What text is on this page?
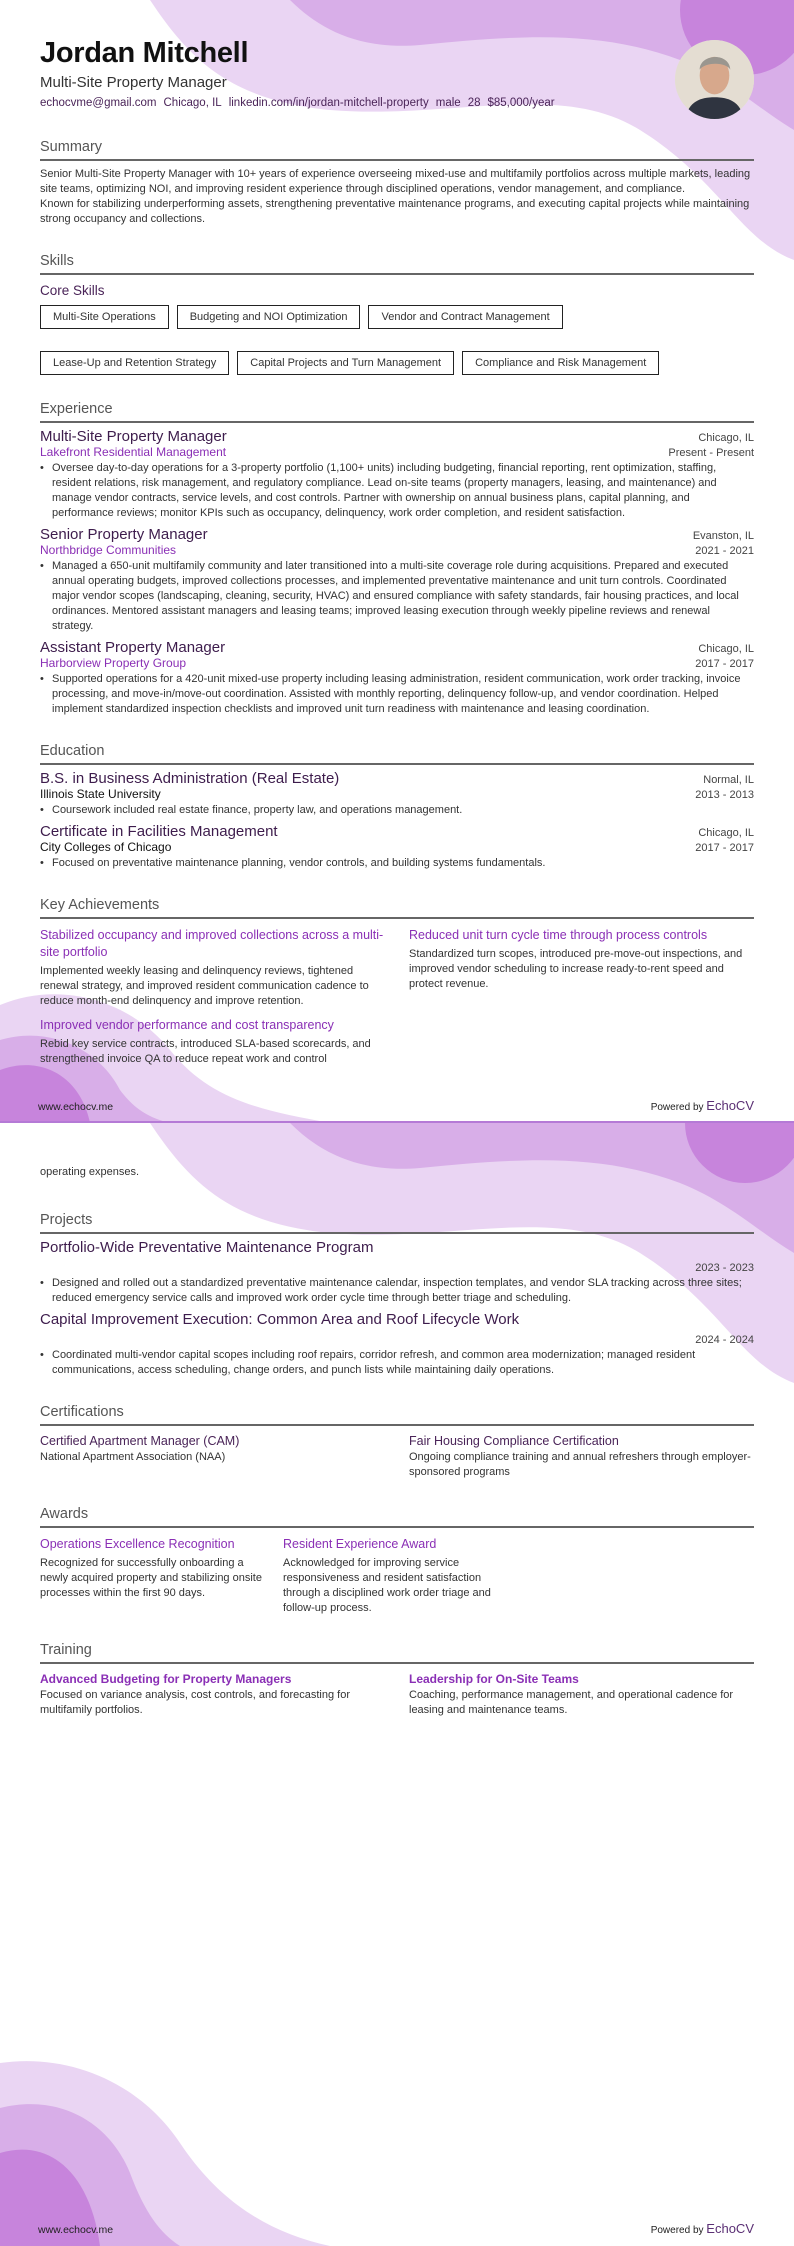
Jordan Mitchell
Multi-Site Property Manager
echocvme@gmail.com Chicago, IL linkedin.com/in/jordan-mitchell-property male 28 $85,000/year
Summary

Senior Multi-Site Property Manager with 10+ years of experience overseeing mixed-use and multifamily portfolios across multiple markets, leading site teams, optimizing NOI, and improving resident experience through disciplined operations, vendor management, and compliance.

Known for stabilizing underperforming assets, strengthening preventative maintenance programs, and executing capital projects while maintaining strong occupancy and collections.

Skills
Core Skills
Multi-Site Operations	Budgeting and NOI Optimization	Vendor and Contract Management
Lease-Up and Retention Strategy	Capital Projects and Turn Management	Compliance and Risk Management
Experience
Multi-Site Property Manager	Chicago, IL
Lakefront Residential Management	Present - Present
• Oversee day-to-day operations for a 3-property portfolio (1,100+ units) including budgeting, financial reporting, rent optimization, staffing, resident relations, risk management, and regulatory compliance. Lead on-site teams (property managers, leasing, and maintenance) and manage vendor contracts, service levels, and cost controls. Partner with ownership on annual business plans, capital planning, and performance reviews; monitor KPIs such as occupancy, delinquency, work order completion, and resident satisfaction.
Senior Property Manager	Evanston, IL
Northbridge Communities	2021 - 2021
• Managed a 650-unit multifamily community and later transitioned into a multi-site coverage role during acquisitions. Prepared and executed annual operating budgets, improved collections processes, and implemented preventative maintenance and unit turn controls. Coordinated major vendor scopes (landscaping, cleaning, security, HVAC) and ensured compliance with safety standards, fair housing practices, and local ordinances. Mentored assistant managers and leasing teams; improved leasing execution through weekly pipeline reviews and renewal strategy.
Assistant Property Manager	Chicago, IL
Harborview Property Group	2017 - 2017
• Supported operations for a 420-unit mixed-use property including leasing administration, resident communication, work order tracking, invoice processing, and move-in/move-out coordination. Assisted with monthly reporting, delinquency follow-up, and vendor coordination. Helped implement standardized inspection checklists and improved unit turn readiness with maintenance and leasing coordination.
Education
B.S. in Business Administration (Real Estate)	Normal, IL
Illinois State University	2013 - 2013
• Coursework included real estate finance, property law, and operations management.
Certificate in Facilities Management	Chicago, IL
City Colleges of Chicago	2017 - 2017
• Focused on preventative maintenance planning, vendor controls, and building systems fundamentals.
Key Achievements
Stabilized occupancy and improved collections across a multi-site portfolio
Implemented weekly leasing and delinquency reviews, tightened renewal strategy, and improved resident communication cadence to reduce month-end delinquency and improve retention.
Improved vendor performance and cost transparency
Rebid key service contracts, introduced SLA-based scorecards, and strengthened invoice QA to reduce repeat work and control
Reduced unit turn cycle time through process controls
Standardized turn scopes, introduced pre-move-out inspections, and improved vendor scheduling to increase ready-to-rent speed and protect revenue.
www.echocv.me	Powered by EchoCV
operating expenses.
Projects
Portfolio-Wide Preventative Maintenance Program
2023 - 2023
• Designed and rolled out a standardized preventative maintenance calendar, inspection templates, and vendor SLA tracking across three sites; reduced emergency service calls and improved work order cycle time through better triage and scheduling.
Capital Improvement Execution: Common Area and Roof Lifecycle Work
2024 - 2024
• Coordinated multi-vendor capital scopes including roof repairs, corridor refresh, and common area modernization; managed resident communications, access scheduling, change orders, and punch lists while maintaining daily operations.
Certifications
Certified Apartment Manager (CAM)
National Apartment Association (NAA)
Fair Housing Compliance Certification
Ongoing compliance training and annual refreshers through employer-sponsored programs
Awards
Operations Excellence Recognition
Recognized for successfully onboarding a newly acquired property and stabilizing onsite processes within the first 90 days.
Resident Experience Award
Acknowledged for improving service responsiveness and resident satisfaction through a disciplined work order triage and follow-up process.
Training
Advanced Budgeting for Property Managers
Focused on variance analysis, cost controls, and forecasting for multifamily portfolios.
Leadership for On-Site Teams
Coaching, performance management, and operational cadence for leasing and maintenance teams.
www.echocv.me	Powered by EchoCV
